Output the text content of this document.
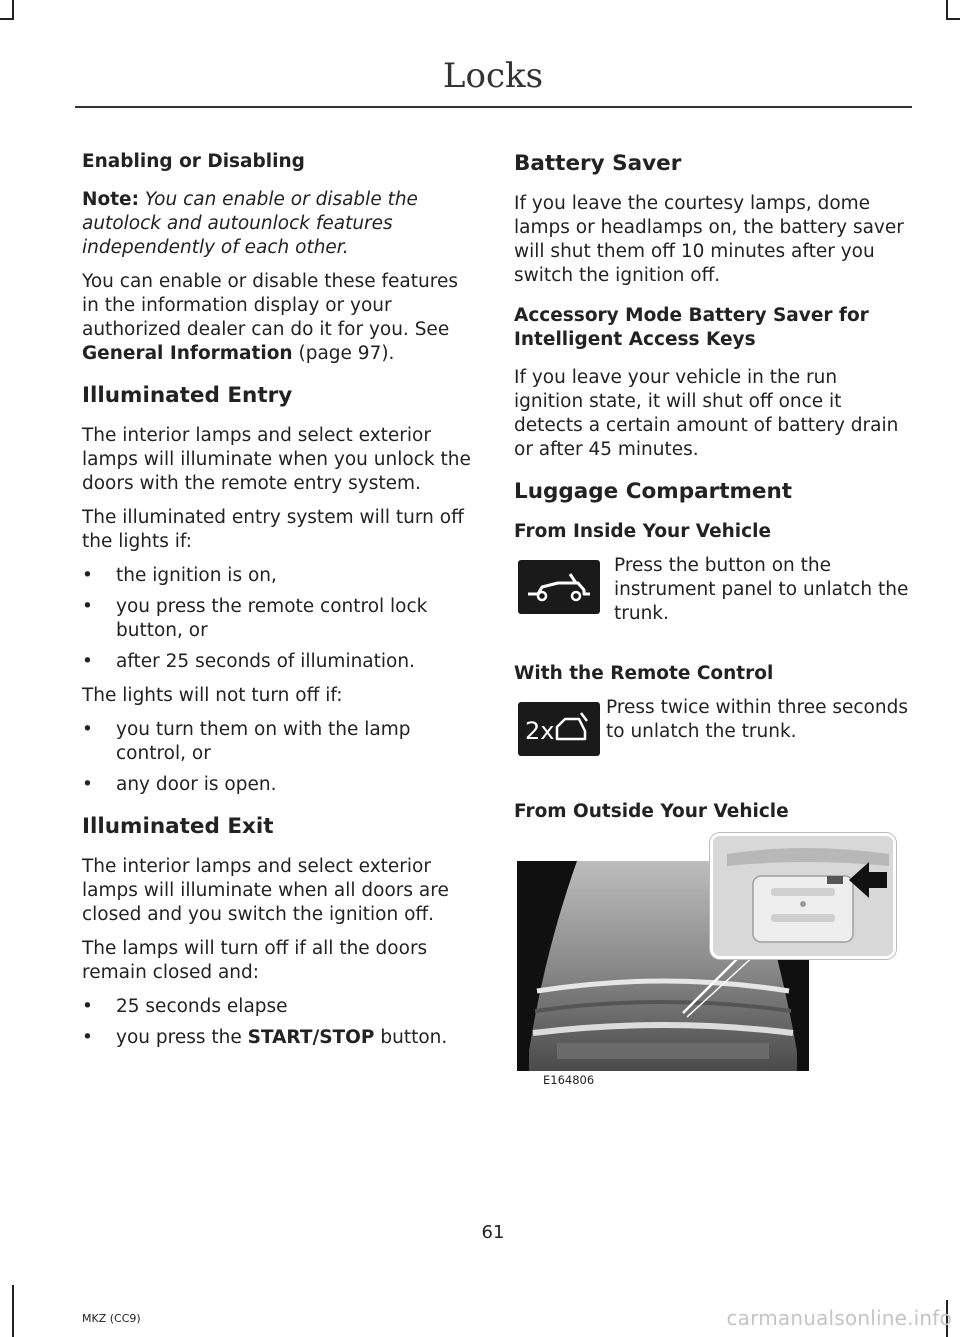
Locks
Enabling or Disabling

Note: You can enable or disable the autolock and autounlock features independently of each other.

You can enable or disable these features in the information display or your authorized dealer can do it for you. See General Information (page 97).

Illuminated Entry

The interior lamps and select exterior lamps will illuminate when you unlock the doors with the remote entry system.

The illuminated entry system will turn off the lights if:

• the ignition is on,
• you press the remote control lock button, or
• after 25 seconds of illumination.

The lights will not turn off if:

• you turn them on with the lamp control, or
• any door is open.
Illuminated Exit

The interior lamps and select exterior lamps will illuminate when all doors are closed and you switch the ignition off.

The lamps will turn off if all the doors remain closed and:

• 25 seconds elapse
• you press the START/STOP button.
Battery Saver

If you leave the courtesy lamps, dome lamps or headlamps on, the battery saver will shut them off 10 minutes after you switch the ignition off.

Accessory Mode Battery Saver for Intelligent Access Keys

If you leave your vehicle in the run ignition state, it will shut off once it detects a certain amount of battery drain or after 45 minutes.

Luggage Compartment
From Inside Your Vehicle

Press the button on the instrument panel to unlatch the trunk.

With the Remote Control
2x

Press twice within three seconds to unlatch the trunk.

From Outside Your Vehicle
E164806
61
MKZ (CC9)	carmanualsonline.info
